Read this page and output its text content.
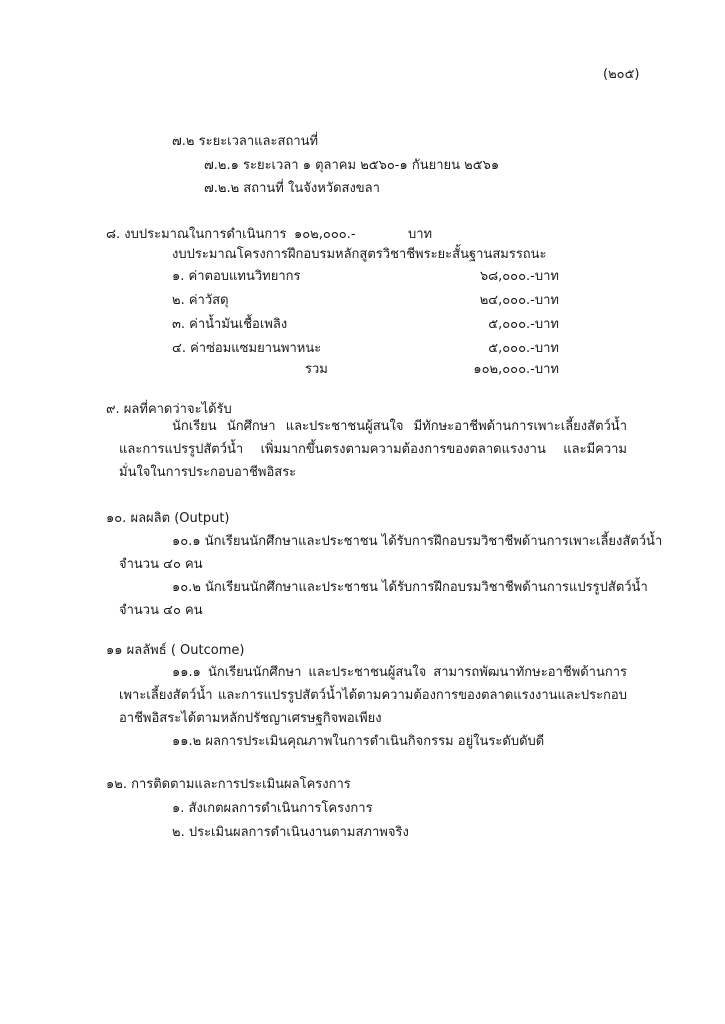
(๒๐๕)
๗.๒ ระยะเวลาและสถานที่
๗.๒.๑ ระยะเวลา ๑ ตุลาคม ๒๕๖๐-๑ กันยายน ๒๕๖๑
๗.๒.๒ สถานที่ ในจังหวัดสงขลา
๘. งบประมาณในการดำเนินการ ๑๐๒,๐๐๐.-	บาท
งบประมาณโครงการฝึกอบรมหลักสูตรวิชาชีพระยะสั้นฐานสมรรถนะ
๑. ค่าตอบแทนวิทยากร	๖๘,๐๐๐.-บาท
๒. ค่าวัสดุ	๒๔,๐๐๐.-บาท
๓. ค่าน้ำมันเชื้อเพลิง	๕,๐๐๐.-บาท
๔. ค่าซ่อมแซมยานพาหนะ	๕,๐๐๐.-บาท
รวม	๑๐๒,๐๐๐.-บาท
๙. ผลที่คาดว่าจะได้รับ
นักเรียน นักศึกษา และประชาชนผู้สนใจ มีทักษะอาชีพด้านการเพาะเลี้ยงสัตว์น้ำ และการแปรรูปสัตว์น้ำ เพิ่มมากขึ้นตรงตามความต้องการของตลาดแรงงาน และมีความมั่นใจในการประกอบอาชีพอิสระ
๑๐. ผลผลิต (Output)
๑๐.๑ นักเรียนนักศึกษาและประชาชน ได้รับการฝึกอบรมวิชาชีพด้านการเพาะเลี้ยงสัตว์น้ำ
จำนวน ๔๐ คน
๑๐.๒ นักเรียนนักศึกษาและประชาชน ได้รับการฝึกอบรมวิชาชีพด้านการแปรรูปสัตว์น้ำ
จำนวน ๔๐ คน
๑๑ ผลลัพธ์ ( Outcome)
๑๑.๑ นักเรียนนักศึกษา และประชาชนผู้สนใจ สามารถพัฒนาทักษะอาชีพด้านการเพาะเลี้ยงสัตว์น้ำ และการแปรรูปสัตว์น้ำได้ตามความต้องการของตลาดแรงงานและประกอบอาชีพอิสระได้ตามหลักปรัชญาเศรษฐกิจพอเพียง
๑๑.๒ ผลการประเมินคุณภาพในการดำเนินกิจกรรม อยู่ในระดับดับดี
๑๒. การติดตามและการประเมินผลโครงการ
๑. สังเกตผลการดำเนินการโครงการ
๒. ประเมินผลการดำเนินงานตามสภาพจริง
